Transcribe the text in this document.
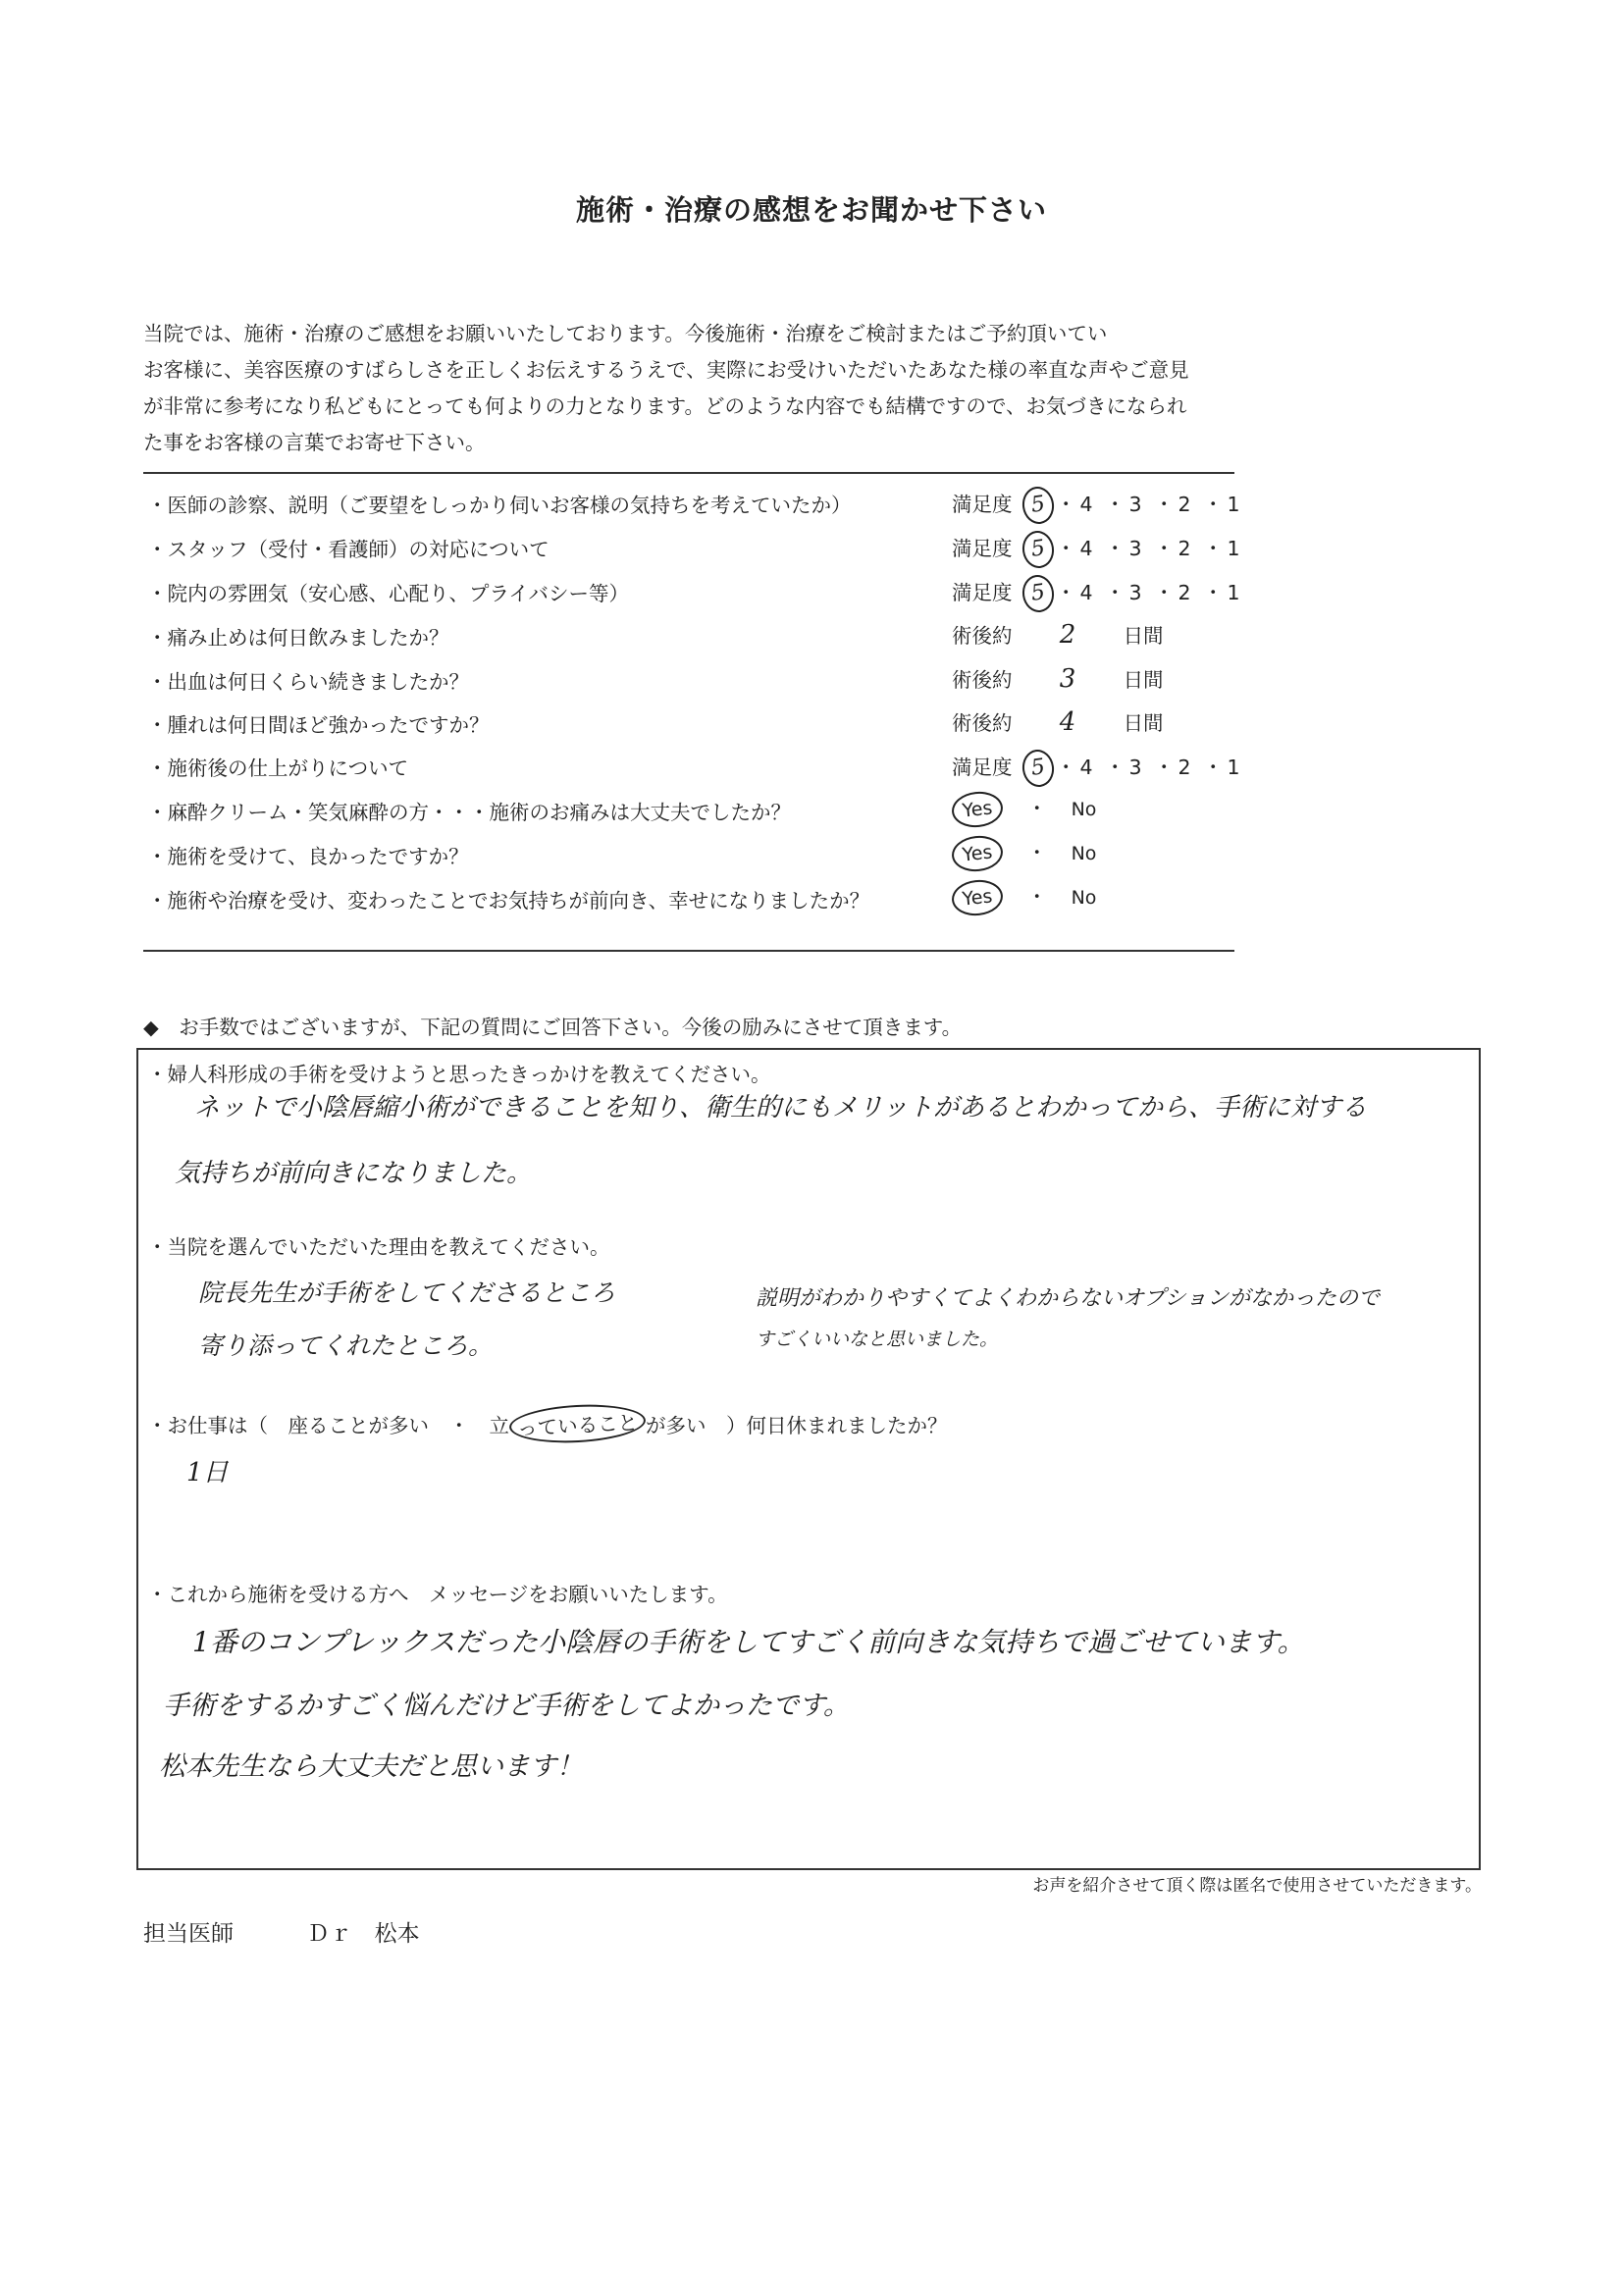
施術・治療の感想をお聞かせ下さい
当院では、施術・治療のご感想をお願いいたしております。今後施術・治療をご検討またはご予約頂いてい
お客様に、美容医療のすばらしさを正しくお伝えするうえで、実際にお受けいただいたあなた様の率直な声やご意見
が非常に参考になり私どもにとっても何よりの力となります。どのような内容でも結構ですので、お気づきになられ
た事をお客様の言葉でお寄せ下さい。
・医師の診察、説明（ご要望をしっかり伺いお客様の気持ちを考えていたか）	満足度 5 ・ 4 ・ 3 ・ 2 ・ 1
・スタッフ（受付・看護師）の対応について	満足度 5 ・ 4 ・ 3 ・ 2 ・ 1
・院内の雰囲気（安心感、心配り、プライバシー等）	満足度 5 ・ 4 ・ 3 ・ 2 ・ 1
・痛み止めは何日飲みましたか？	術後約 2 日間
・出血は何日くらい続きましたか？	術後約 3 日間
・腫れは何日間ほど強かったですか？	術後約 4 日間
・施術後の仕上がりについて	満足度 5 ・ 4 ・ 3 ・ 2 ・ 1
・麻酔クリーム・笑気麻酔の方・・・施術のお痛みは大丈夫でしたか？	Yes ・ No
・施術を受けて、良かったですか？	Yes ・ No
・施術や治療を受け、変わったことでお気持ちが前向き、幸せになりましたか？	Yes ・ No
◆　お手数ではございますが、下記の質問にご回答下さい。今後の励みにさせて頂きます。
・婦人科形成の手術を受けようと思ったきっかけを教えてください。
ネットで小陰唇縮小術ができることを知り、衛生的にもメリットがあるとわかってから、手術に対する
気持ちが前向きになりました。
・当院を選んでいただいた理由を教えてください。
院長先生が手術をしてくださるところ
寄り添ってくれたところ。
説明がわかりやすくてよくわからないオプションがなかったので
すごくいいなと思いました。
・お仕事は（　座ることが多い　・　立 っていること が多い　）何日休まれましたか？
1日
・これから施術を受ける方へ　メッセージをお願いいたします。
1番のコンプレックスだった小陰唇の手術をしてすごく前向きな気持ちで過ごせています。
手術をするかすごく悩んだけど手術をしてよかったです。
松本先生なら大丈夫だと思います！
お声を紹介させて頂く際は匿名で使用させていただきます。
担当医師	Ｄｒ　松本
